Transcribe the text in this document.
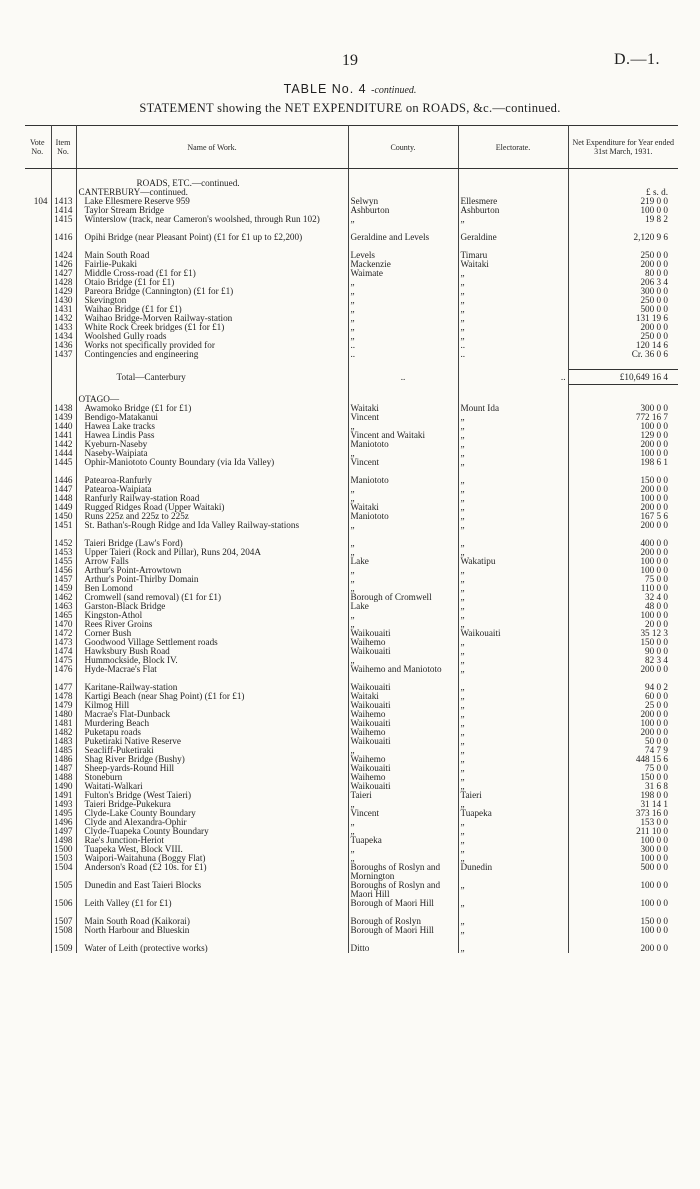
19	D.—1.
TABLE No. 4 -continued.
STATEMENT showing the NET EXPENDITURE on ROADS, &c.—continued.
Vote No.	Item No.	Name of Work.	County.	Electorate.	Net Expenditure for Year ended 31st March, 1931.

		ROADS, ETC.—continued.			
		CANTERBURY—continued.			£ s. d.
104	1413	Lake Ellesmere Reserve 959	Selwyn	Ellesmere	219 0 0
	1414	Taylor Stream Bridge	Ashburton	Ashburton	100 0 0
	1415	Winterslow (track, near Cameron's woolshed, through Run 102)	„	„	19 8 2
	1416	Opihi Bridge (near Pleasant Point) (£1 for £1 up to £2,200)	Geraldine and Levels	Geraldine	2,120 9 6
	1424	Main South Road	Levels	Timaru	250 0 0
	1426	Fairlie-Pukaki	Mackenzie	Waitaki	200 0 0
	1427	Middle Cross-road (£1 for £1)	Waimate	„	80 0 0
	1428	Otaio Bridge (£1 for £1)	„	„	206 3 4
	1429	Pareora Bridge (Cannington) (£1 for £1)	„	„	300 0 0
	1430	Skevington	„	„	250 0 0
	1431	Waihao Bridge (£1 for £1)	„	„	500 0 0
	1432	Waihao Bridge-Morven Railway-station	„	„	131 19 6
	1433	White Rock Creek bridges (£1 for £1)	„	„	200 0 0
	1434	Woolshed Gully roads	„	„	250 0 0
	1436	Works not specifically provided for	..	..	120 14 6
	1437	Contingencies and engineering	..	..	Cr. 36 0 6

		Total—Canterbury	..	..	£10,649 16 4

		OTAGO—			
	1438	Awamoko Bridge (£1 for £1)	Waitaki	Mount Ida	300 0 0
	1439	Bendigo-Matakanui	Vincent	„	772 16 7
	1440	Hawea Lake tracks	„	„	100 0 0
	1441	Hawea Lindis Pass	Vincent and Waitaki	„	129 0 0
	1442	Kyeburn-Naseby	Maniototo	„	200 0 0
	1444	Naseby-Waipiata	„	„	100 0 0
	1445	Ophir-Maniototo County Boundary (via Ida Valley)	Vincent	„	198 6 1
	1446	Patearoa-Ranfurly	Maniototo	„	150 0 0
	1447	Patearoa-Waipiata	„	„	200 0 0
	1448	Ranfurly Railway-station Road	„	„	100 0 0
	1449	Rugged Ridges Road (Upper Waitaki)	Waitaki	„	200 0 0
	1450	Runs 225z and 225z to 225z	Maniototo	„	167 5 6
	1451	St. Bathan's-Rough Ridge and Ida Valley Railway-stations	„	„	200 0 0
	1452	Taieri Bridge (Law's Ford)	„	„	400 0 0
	1453	Upper Taieri (Rock and Pillar), Runs 204, 204A	„	„	200 0 0
	1455	Arrow Falls	Lake	Wakatipu	100 0 0
	1456	Arthur's Point-Arrowtown	„	„	100 0 0
	1457	Arthur's Point-Thirlby Domain	„	„	75 0 0
	1459	Ben Lomond	„	„	110 0 0
	1462	Cromwell (sand removal) (£1 for £1)	Borough of Cromwell	„	32 4 0
	1463	Garston-Black Bridge	Lake	„	48 0 0
	1465	Kingston-Athol	„	„	100 0 0
	1470	Rees River Groins	„	„	20 0 0
	1472	Corner Bush	Waikouaiti	Waikouaiti	35 12 3
	1473	Goodwood Village Settlement roads	Waihemo	„	150 0 0
	1474	Hawksbury Bush Road	Waikouaiti	„	90 0 0
	1475	Hummockside, Block IV.	„	„	82 3 4
	1476	Hyde-Macrae's Flat	Waihemo and Maniototo	„	200 0 0
	1477	Karitane-Railway-station	Waikouaiti	„	94 0 2
	1478	Kartigi Beach (near Shag Point) (£1 for £1)	Waitaki	„	60 0 0
	1479	Kilmog Hill	Waikouaiti	„	25 0 0
	1480	Macrae's Flat-Dunback	Waihemo	„	200 0 0
	1481	Murdering Beach	Waikouaiti	„	100 0 0
	1482	Puketapu roads	Waihemo	„	200 0 0
	1483	Puketiraki Native Reserve	Waikouaiti	„	50 0 0
	1485	Seacliff-Puketiraki	„	„	74 7 9
	1486	Shag River Bridge (Bushy)	Waihemo	„	448 15 6
	1487	Sheep-yards-Round Hill	Waikouaiti	„	75 0 0
	1488	Stoneburn	Waihemo	„	150 0 0
	1490	Waitati-Walkari	Waikouaiti	„	31 6 8
	1491	Fulton's Bridge (West Taieri)	Taieri	Taieri	198 0 0
	1493	Taieri Bridge-Pukekura	„	„	31 14 1
	1495	Clyde-Lake County Boundary	Vincent	Tuapeka	373 16 0
	1496	Clyde and Alexandra-Ophir	„	„	153 0 0
	1497	Clyde-Tuapeka County Boundary	„	„	211 10 0
	1498	Rae's Junction-Heriot	Tuapeka	„	100 0 0
	1500	Tuapeka West, Block VIII.	„	„	300 0 0
	1503	Waipori-Waitahuna (Boggy Flat)	„	„	100 0 0
	1504	Anderson's Road (£2 10s. for £1)	Boroughs of Roslyn and Mornington	Dunedin	500 0 0
	1505	Dunedin and East Taieri Blocks	Boroughs of Roslyn and Maori Hill	„	100 0 0
	1506	Leith Valley (£1 for £1)	Borough of Maori Hill	„	100 0 0
	1507	Main South Road (Kaikorai)	Borough of Roslyn	„	150 0 0
	1508	North Harbour and Blueskin	Borough of Maori Hill	„	100 0 0
	1509	Water of Leith (protective works)	Ditto	„	200 0 0
